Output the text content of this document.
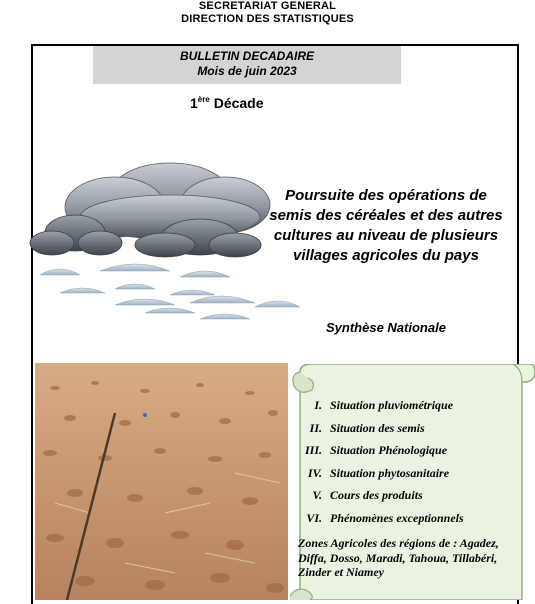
SECRETARIAT GENERAL
DIRECTION DES STATISTIQUES
BULLETIN DECADAIRE
Mois de juin 2023
1ère Décade
Poursuite des opérations de semis des céréales et des autres cultures au niveau de plusieurs villages agricoles du pays
Synthèse Nationale
I. Situation pluviométrique
II. Situation des semis
III. Situation Phénologique
IV. Situation phytosanitaire
V. Cours des produits
VI. Phénomènes exceptionnels
Zones Agricoles des régions de : Agadez, Diffa, Dosso, Maradi, Tahoua, Tillabéri, Zinder et Niamey
